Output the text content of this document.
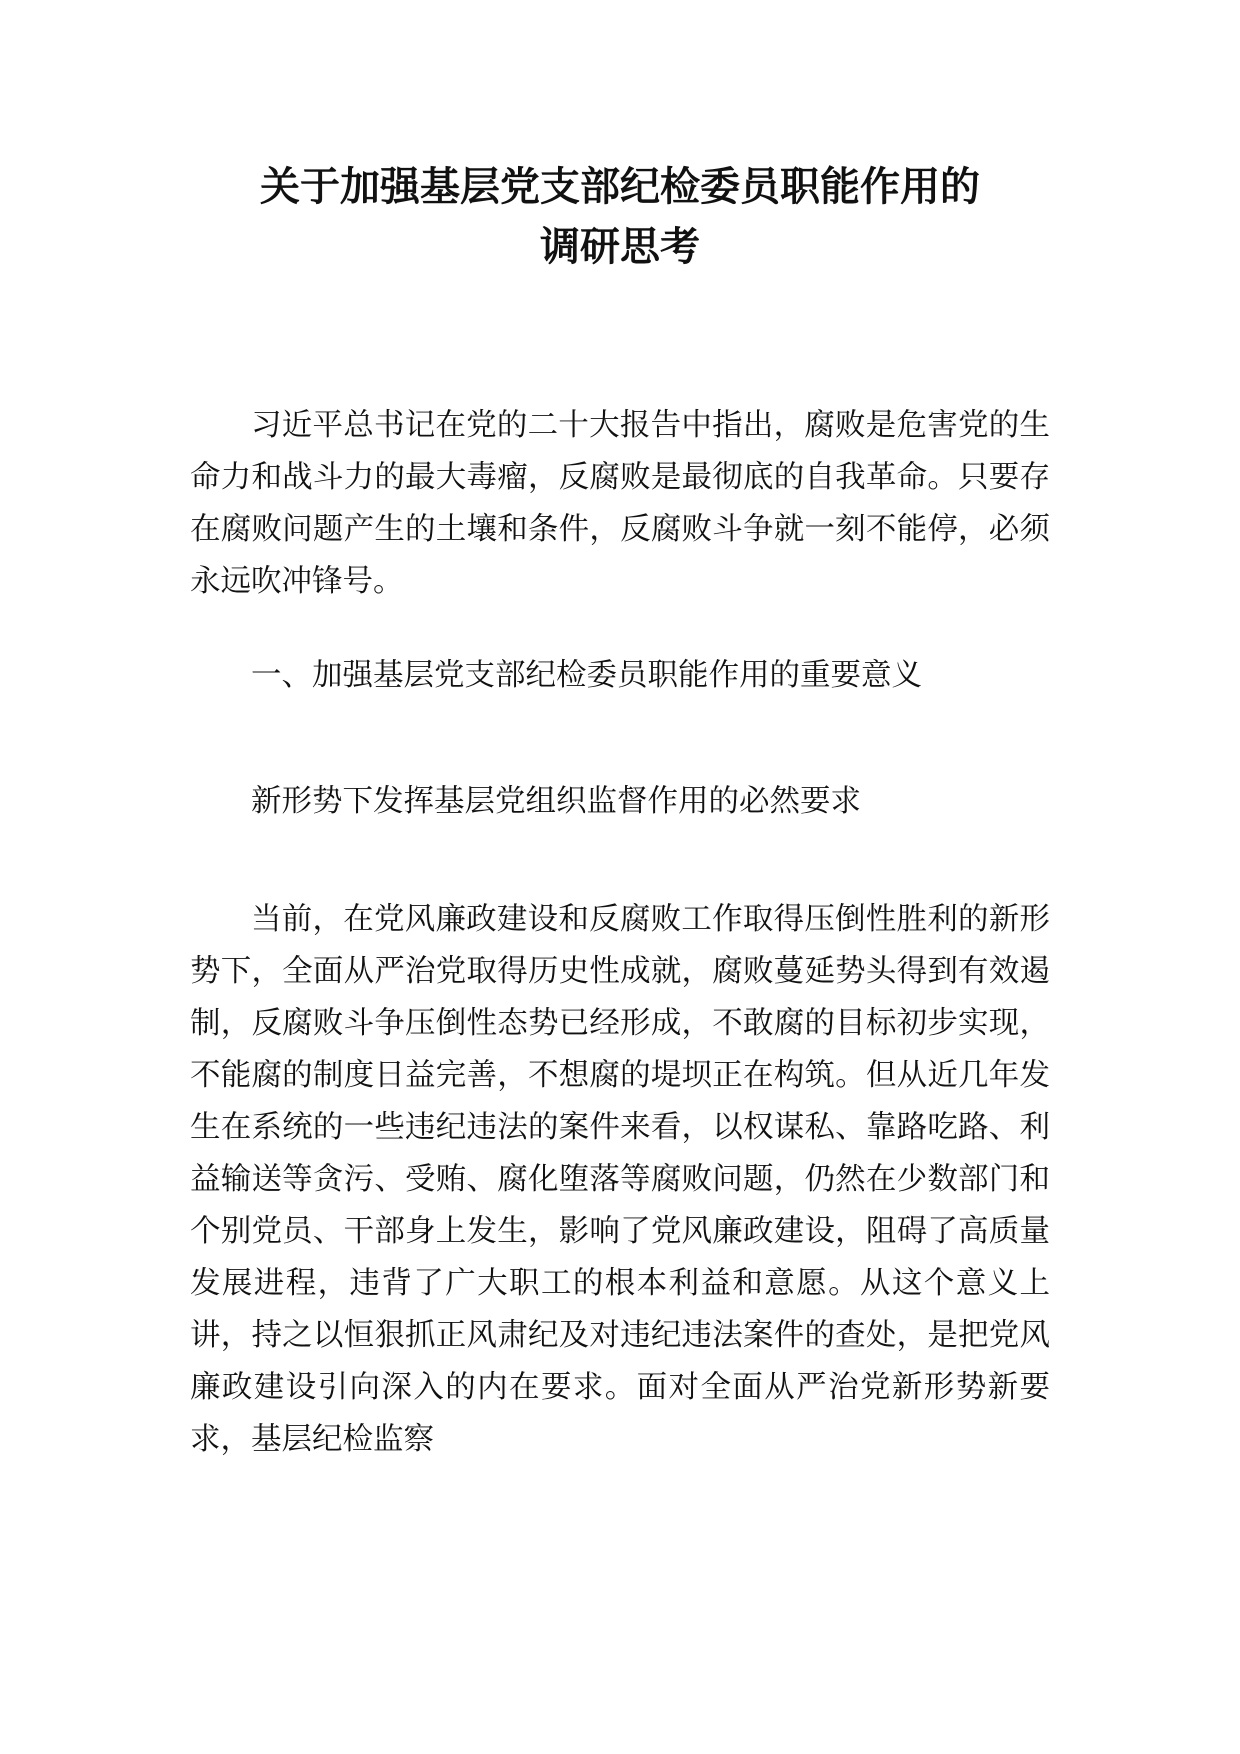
关于加强基层党支部纪检委员职能作用的
调研思考

习近平总书记在党的二十大报告中指出，腐败是危害党的生命力和战斗力的最大毒瘤，反腐败是最彻底的自我革命。只要存在腐败问题产生的土壤和条件，反腐败斗争就一刻不能停，必须永远吹冲锋号。

一、加强基层党支部纪检委员职能作用的重要意义

新形势下发挥基层党组织监督作用的必然要求

当前，在党风廉政建设和反腐败工作取得压倒性胜利的新形势下，全面从严治党取得历史性成就，腐败蔓延势头得到有效遏制，反腐败斗争压倒性态势已经形成，不敢腐的目标初步实现，不能腐的制度日益完善，不想腐的堤坝正在构筑。但从近几年发生在系统的一些违纪违法的案件来看，以权谋私、靠路吃路、利益输送等贪污、受贿、腐化堕落等腐败问题，仍然在少数部门和个别党员、干部身上发生，影响了党风廉政建设，阻碍了高质量发展进程，违背了广大职工的根本利益和意愿。从这个意义上讲，持之以恒狠抓正风肃纪及对违纪违法案件的查处，是把党风廉政建设引向深入的内在要求。面对全面从严治党新形势新要求，基层纪检监察
